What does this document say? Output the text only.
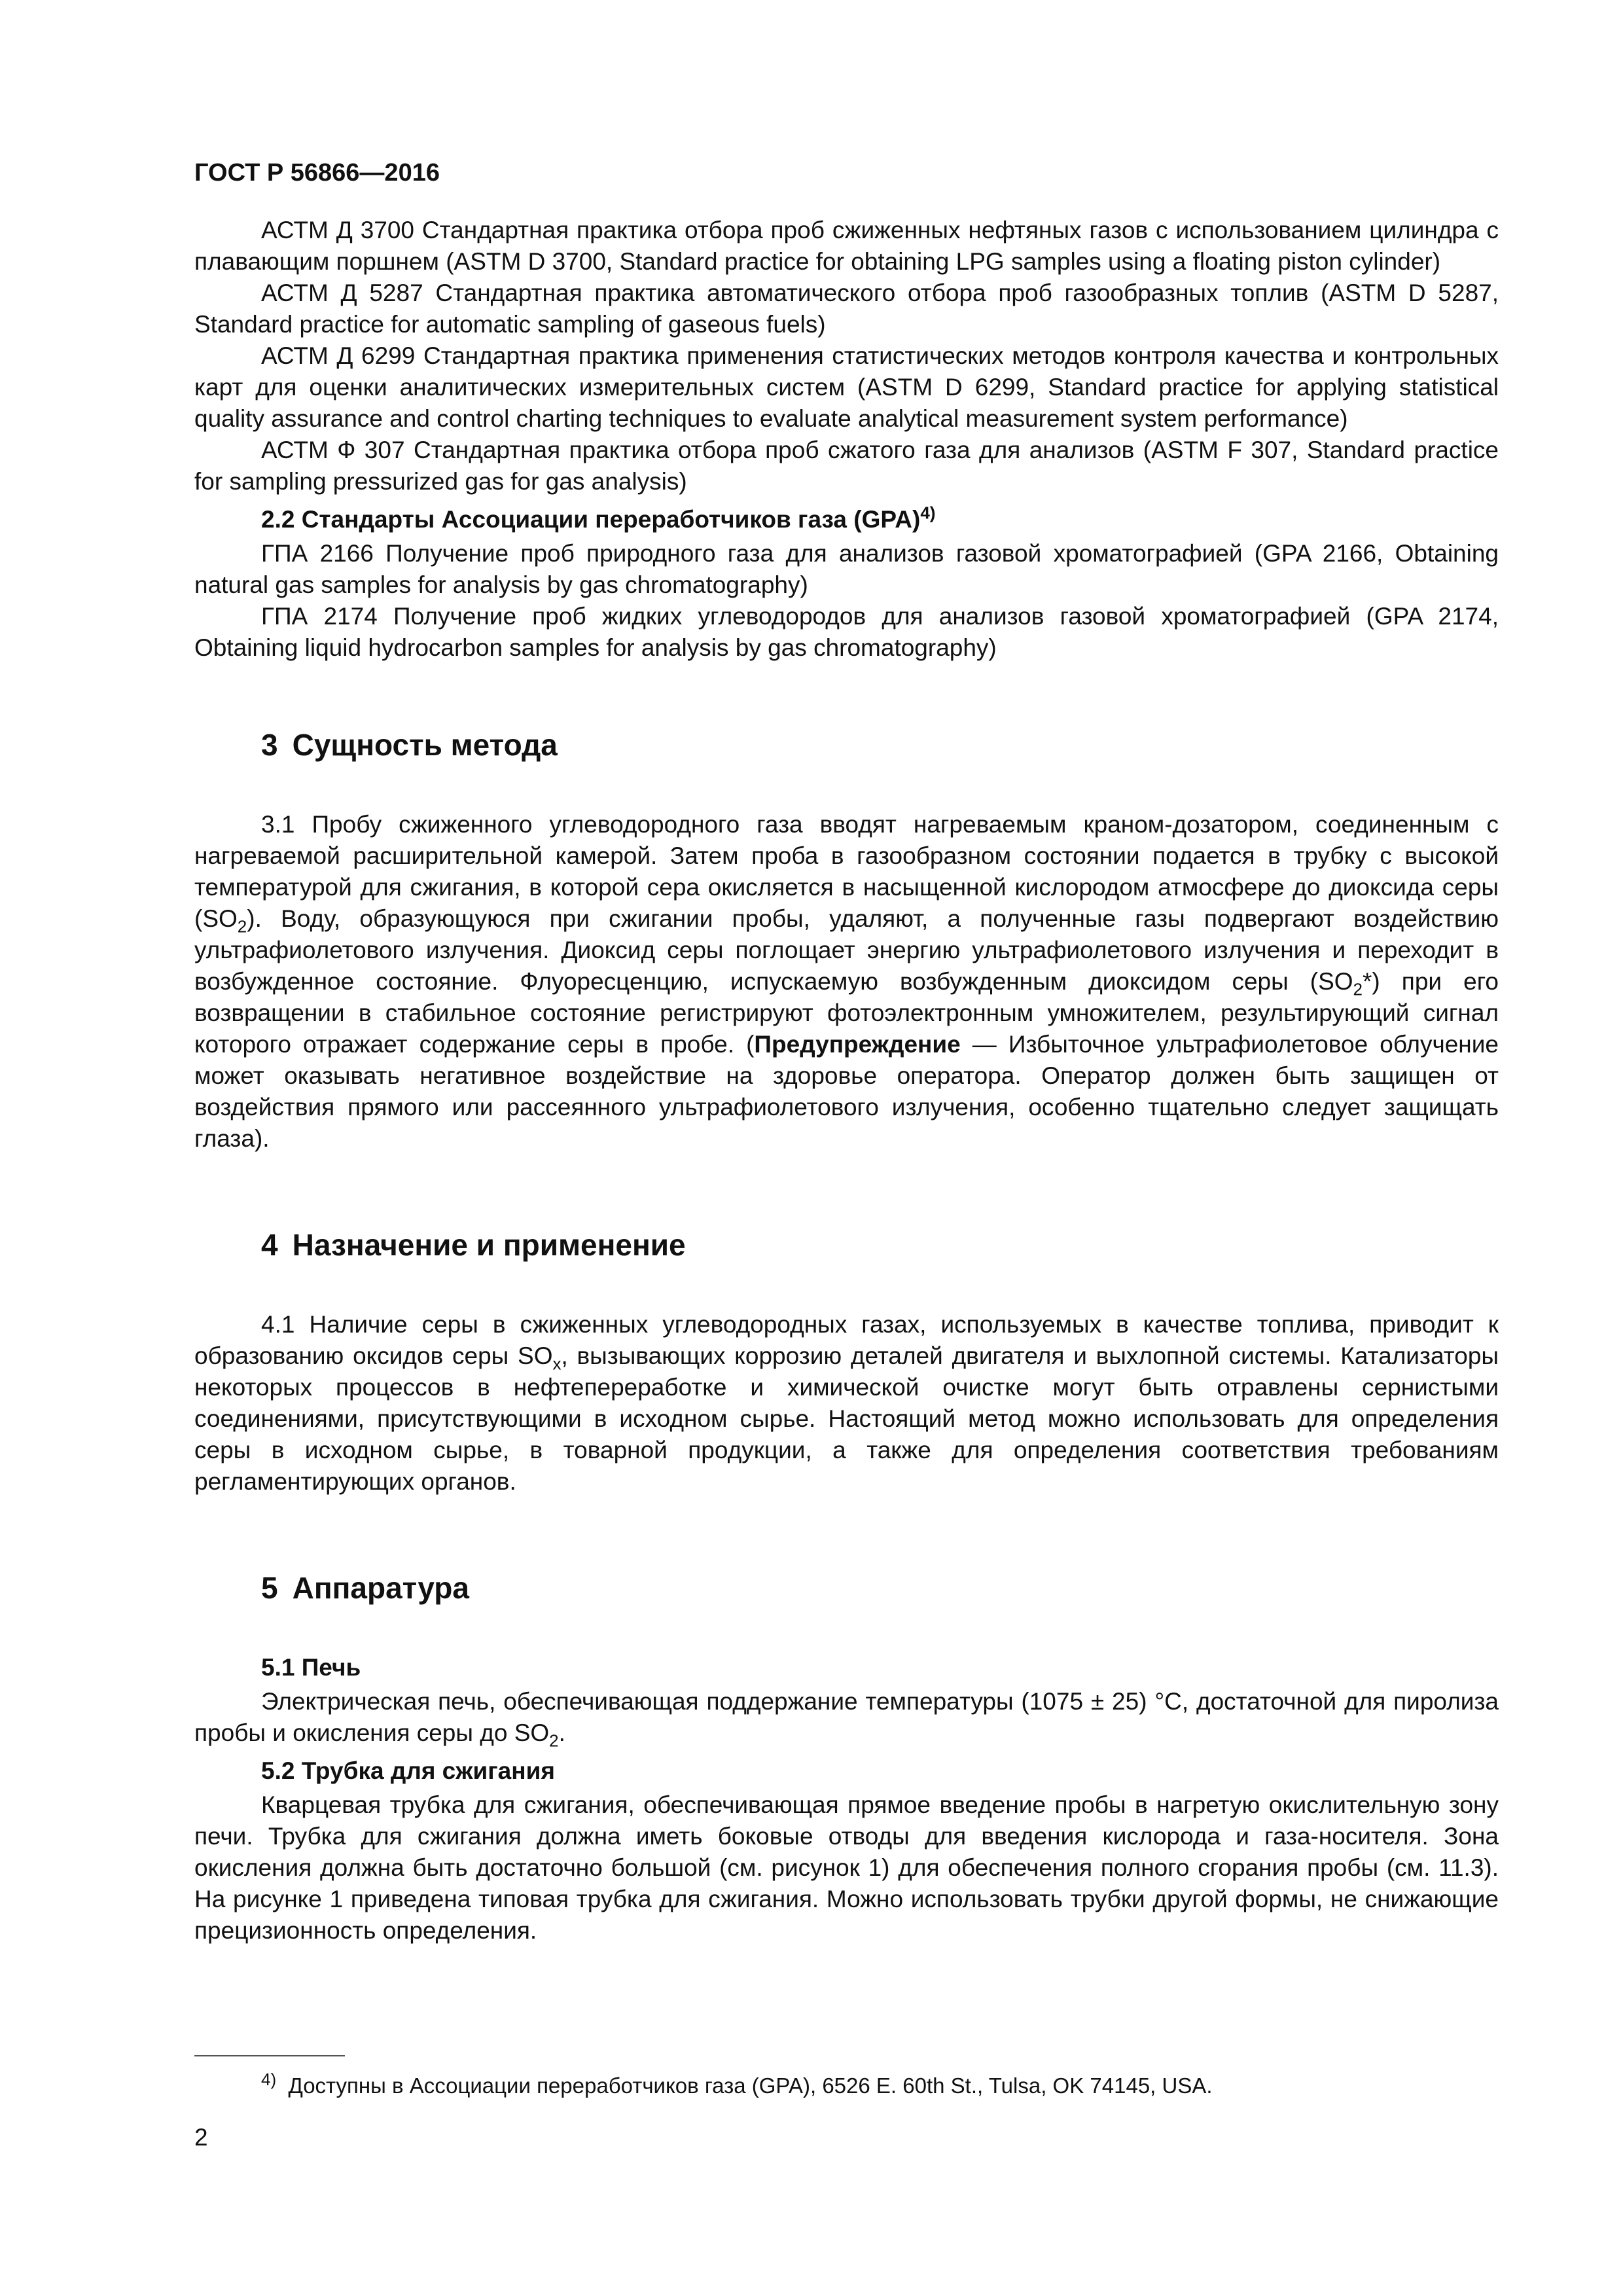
ГОСТ Р 56866—2016

АСТМ Д 3700 Стандартная практика отбора проб сжиженных нефтяных газов с использованием цилиндра с плавающим поршнем (ASTM D 3700, Standard practice for obtaining LPG samples using a floating piston cylinder)

АСТМ Д 5287 Стандартная практика автоматического отбора проб газообразных топлив (ASTM D 5287, Standard practice for automatic sampling of gaseous fuels)

АСТМ Д 6299 Стандартная практика применения статистических методов контроля качества и контрольных карт для оценки аналитических измерительных систем (ASTM D 6299, Standard practice for applying statistical quality assurance and control charting techniques to evaluate analytical measurement system performance)

АСТМ Ф 307 Стандартная практика отбора проб сжатого газа для анализов (ASTM F 307, Standard practice for sampling pressurized gas for gas analysis)

2.2 Стандарты Ассоциации переработчиков газа (GPA)$^{4)}$

ГПА 2166 Получение проб природного газа для анализов газовой хроматографией (GPA 2166, Obtaining natural gas samples for analysis by gas chromatography)

ГПА 2174 Получение проб жидких углеводородов для анализов газовой хроматографией (GPA 2174, Obtaining liquid hydrocarbon samples for analysis by gas chromatography)

3 Сущность метода

3.1 Пробу сжиженного углеводородного газа вводят нагреваемым краном-дозатором, соединенным с нагреваемой расширительной камерой. Затем проба в газообразном состоянии подается в трубку с высокой температурой для сжигания, в которой сера окисляется в насыщенной кислородом атмосфере до диоксида серы $(SO_2)$. Воду, образующуюся при сжигании пробы, удаляют, а полученные газы подвергают воздействию ультрафиолетового излучения. Диоксид серы поглощает энергию ультрафиолетового излучения и переходит в возбужденное состояние. Флуоресценцию, испускаемую возбужденным диоксидом серы $(SO_2*)$ при его возвращении в стабильное состояние регистрируют фотоэлектронным умножителем, результирующий сигнал которого отражает содержание серы в пробе. (Предупреждение — Избыточное ультрафиолетовое облучение может оказывать негативное воздействие на здоровье оператора. Оператор должен быть защищен от воздействия прямого или рассеянного ультрафиолетового излучения, особенно тщательно следует защищать глаза).

4 Назначение и применение

4.1 Наличие серы в сжиженных углеводородных газах, используемых в качестве топлива, приводит к образованию оксидов серы $SO_x$, вызывающих коррозию деталей двигателя и выхлопной системы. Катализаторы некоторых процессов в нефтепереработке и химической очистке могут быть отравлены сернистыми соединениями, присутствующими в исходном сырье. Настоящий метод можно использовать для определения серы в исходном сырье, в товарной продукции, а также для определения соответствия требованиям регламентирующих органов.

5 Аппаратура
5.1 Печь

Электрическая печь, обеспечивающая поддержание температуры (1075 ± 25) °С, достаточной для пиролиза пробы и окисления серы до $SO_2$.

5.2 Трубка для сжигания

Кварцевая трубка для сжигания, обеспечивающая прямое введение пробы в нагретую окислительную зону печи. Трубка для сжигания должна иметь боковые отводы для введения кислорода и газа-носителя. Зона окисления должна быть достаточно большой (см. рисунок 1) для обеспечения полного сгорания пробы (см. 11.3). На рисунке 1 приведена типовая трубка для сжигания. Можно использовать трубки другой формы, не снижающие прецизионность определения.

$^{4)}$ Доступны в Ассоциации переработчиков газа (GPA), 6526 E. 60th St., Tulsa, OK 74145, USA.
2
